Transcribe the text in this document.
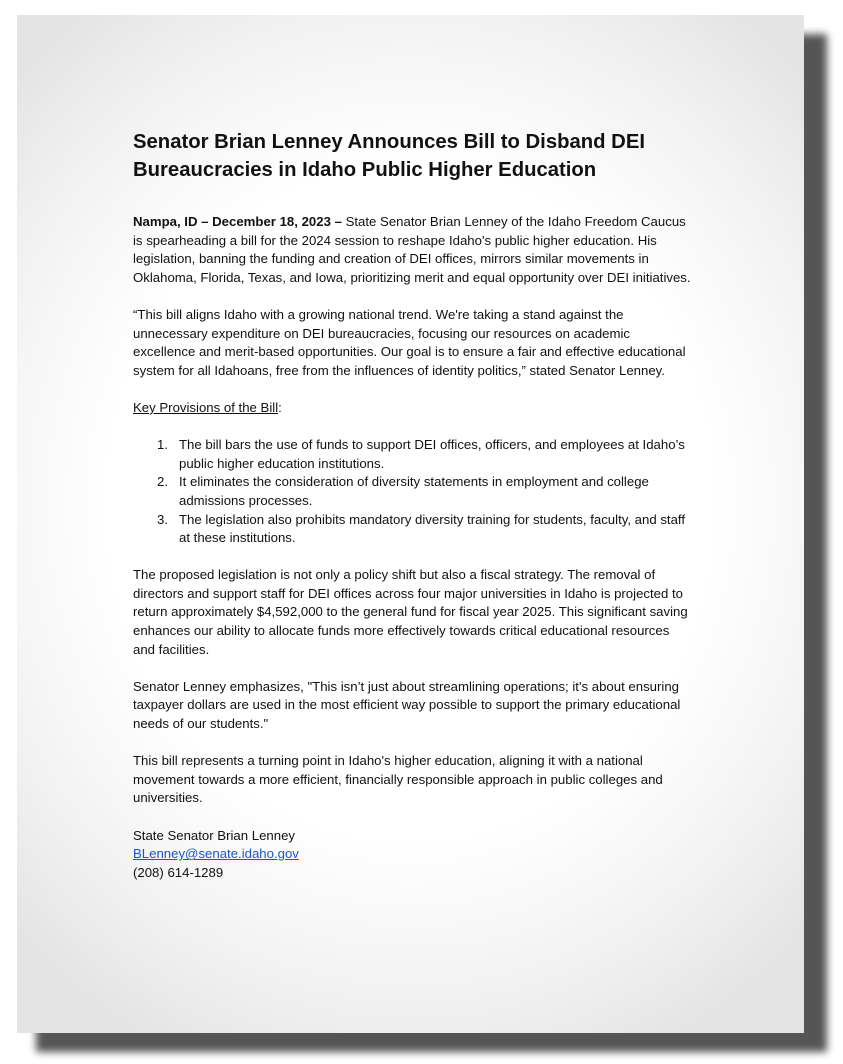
Senator Brian Lenney Announces Bill to Disband DEI Bureaucracies in Idaho Public Higher Education

Nampa, ID – December 18, 2023 – State Senator Brian Lenney of the Idaho Freedom Caucus is spearheading a bill for the 2024 session to reshape Idaho's public higher education. His legislation, banning the funding and creation of DEI offices, mirrors similar movements in Oklahoma, Florida, Texas, and Iowa, prioritizing merit and equal opportunity over DEI initiatives.

“This bill aligns Idaho with a growing national trend. We're taking a stand against the unnecessary expenditure on DEI bureaucracies, focusing our resources on academic excellence and merit-based opportunities. Our goal is to ensure a fair and effective educational system for all Idahoans, free from the influences of identity politics,” stated Senator Lenney.

Key Provisions of the Bill:

1. The bill bars the use of funds to support DEI offices, officers, and employees at Idaho’s public higher education institutions.
2. It eliminates the consideration of diversity statements in employment and college admissions processes.
3. The legislation also prohibits mandatory diversity training for students, faculty, and staff at these institutions.

The proposed legislation is not only a policy shift but also a fiscal strategy. The removal of directors and support staff for DEI offices across four major universities in Idaho is projected to return approximately $4,592,000 to the general fund for fiscal year 2025. This significant saving enhances our ability to allocate funds more effectively towards critical educational resources and facilities.

Senator Lenney emphasizes, "This isn’t just about streamlining operations; it's about ensuring taxpayer dollars are used in the most efficient way possible to support the primary educational needs of our students."

This bill represents a turning point in Idaho's higher education, aligning it with a national movement towards a more efficient, financially responsible approach in public colleges and universities.

State Senator Brian Lenney

BLenney@senate.idaho.gov

(208) 614-1289
